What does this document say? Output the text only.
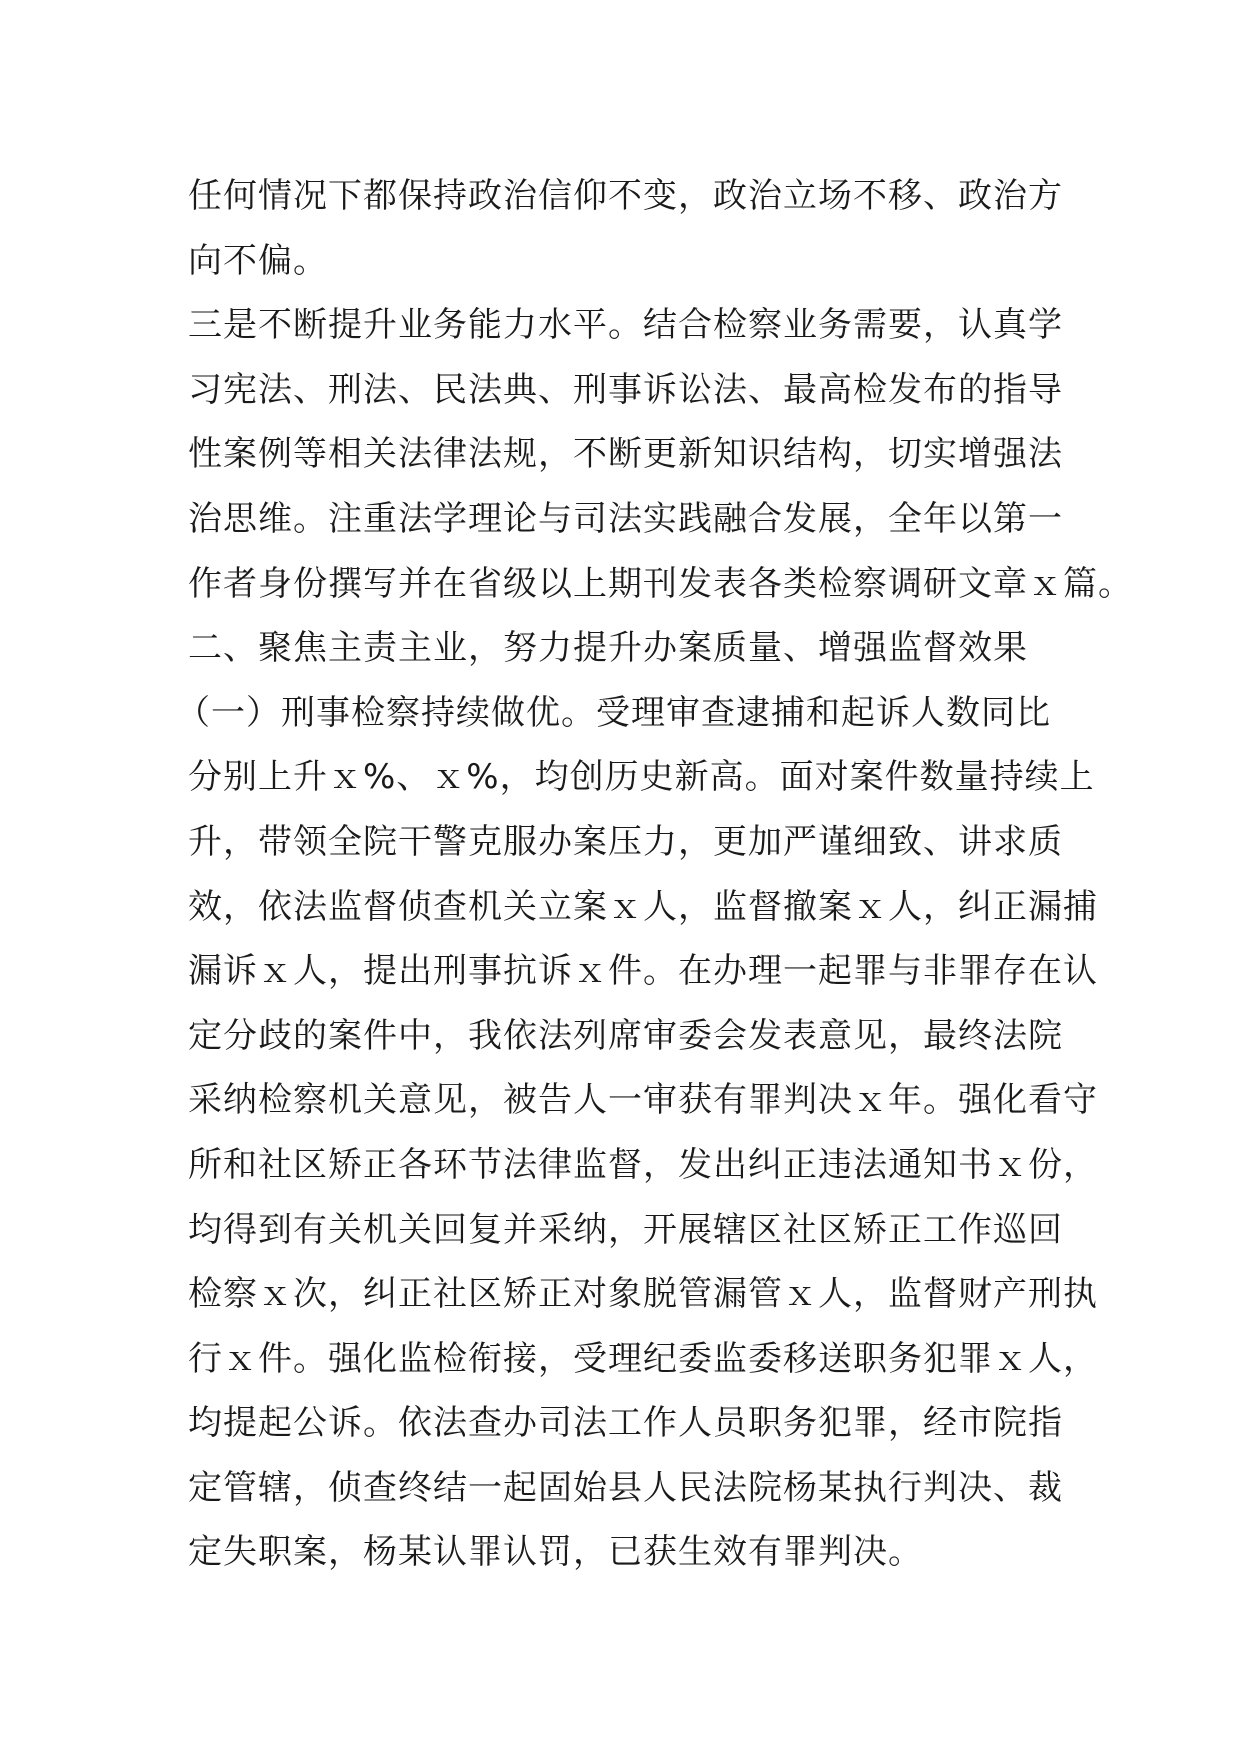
任何情况下都保持政治信仰不变，政治立场不移、政治方
向不偏。
三是不断提升业务能力水平。结合检察业务需要，认真学
习宪法、刑法、民法典、刑事诉讼法、最高检发布的指导
性案例等相关法律法规，不断更新知识结构，切实增强法
治思维。注重法学理论与司法实践融合发展，全年以第一
作者身份撰写并在省级以上期刊发表各类检察调研文章ｘ篇。
二、聚焦主责主业，努力提升办案质量、增强监督效果
（一）刑事检察持续做优。受理审查逮捕和起诉人数同比
分别上升ｘ%、ｘ%，均创历史新高。面对案件数量持续上
升，带领全院干警克服办案压力，更加严谨细致、讲求质
效，依法监督侦查机关立案ｘ人，监督撤案ｘ人，纠正漏捕
漏诉ｘ人，提出刑事抗诉ｘ件。在办理一起罪与非罪存在认
定分歧的案件中，我依法列席审委会发表意见，最终法院
采纳检察机关意见，被告人一审获有罪判决ｘ年。强化看守
所和社区矫正各环节法律监督，发出纠正违法通知书ｘ份，
均得到有关机关回复并采纳，开展辖区社区矫正工作巡回
检察ｘ次，纠正社区矫正对象脱管漏管ｘ人，监督财产刑执
行ｘ件。强化监检衔接，受理纪委监委移送职务犯罪ｘ人，
均提起公诉。依法查办司法工作人员职务犯罪，经市院指
定管辖，侦查终结一起固始县人民法院杨某执行判决、裁
定失职案，杨某认罪认罚，已获生效有罪判决。
